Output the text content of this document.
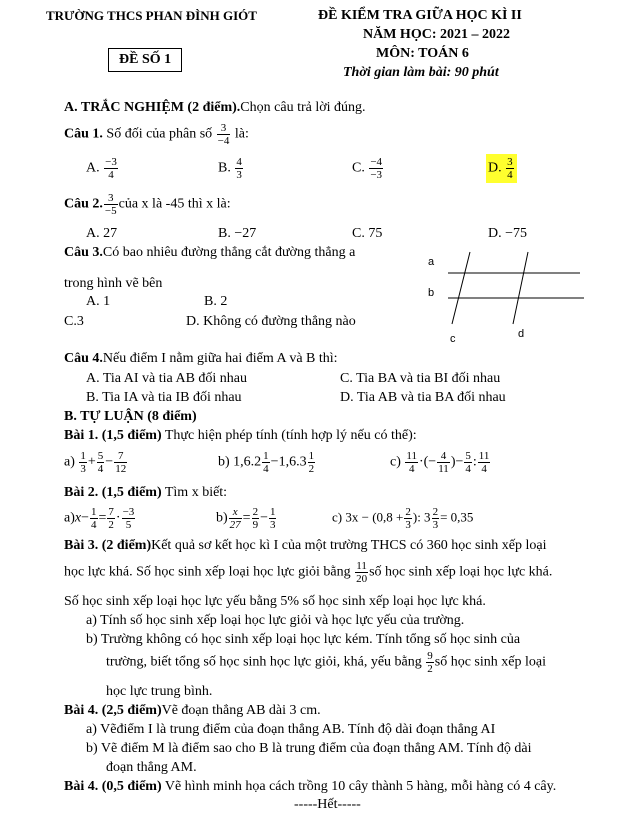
TRƯỜNG THCS PHAN ĐÌNH GIÓT
ĐỀ SỐ 1
ĐỀ KIỂM TRA GIỮA HỌC KÌ II
NĂM HỌC: 2021 – 2022
MÔN: TOÁN 6
Thời gian làm bài: 90 phút
A. TRẮC NGHIỆM (2 điểm).Chọn câu trả lời đúng.
Câu 1. Số đối của phân số $\frac{3}{-4}$ là:
A. $\frac{-3}{4}$	B. $\frac{4}{3}$	C. $\frac{-4}{-3}$	D. $\frac{3}{4}$
Câu 2. $\frac{3}{-5}$ của x là -45 thì x là:
A. 27	B. −27	C. 75	D. −75
Câu 3.Có bao nhiêu đường thẳng cắt đường thẳng a
trong hình vẽ bên
A. 1	B. 2
C.3	D. Không có đường thẳng nào
a
b
c	d
Câu 4.Nếu điểm I nằm giữa hai điểm A và B thì:
A. Tia AI và tia AB đối nhau	C. Tia BA và tia BI đối nhau
B. Tia IA và tia IB đối nhau	D. Tia AB và tia BA đối nhau
B. TỰ LUẬN (8 điểm)
Bài 1. (1,5 điểm) Thực hiện phép tính (tính hợp lý nếu có thể):
$a) \frac{1}{3} + \frac{5}{4} - \frac{7}{12}$	b) $1,6.2 \frac{1}{4} -1,6.3 \frac{1}{2}$	$c) \frac{11}{4}$ ·(− $\frac{4}{11}$ )− $\frac{5}{4}$ : $\frac{11}{4}$
Bài 2. (1,5 điểm) Tìm x biết:
$a)x- \frac{1}{4} = \frac{7}{2} \cdot \frac{-3}{5}$	$b) \frac{x}{27} = \frac{2}{9} - \frac{1}{3}$	c) $3x - (0,8 + \frac{2}{3}$ ): $3 \frac{2}{3} = 0,35$
Bài 3. (2 điểm)Kết quả sơ kết học kì I của một trường THCS có 360 học sinh xếp loại
học lực khá. Số học sinh xếp loại học lực giỏi bằng $\frac{11}{20}$ số học sinh xếp loại học lực khá.
Số học sinh xếp loại học lực yếu bằng 5% số học sinh xếp loại học lực khá.
a) Tính số học sinh xếp loại học lực giỏi và học lực yếu của trường.
b) Trường không có học sinh xếp loại học lực kém. Tính tổng số học sinh của
trường, biết tổng số học sinh học lực giỏi, khá, yếu bằng $\frac{9}{2}$ số học sinh xếp loại
học lực trung bình.
Bài 4. (2,5 điểm)Vẽ đoạn thẳng AB dài 3 cm.
a) Vẽđiểm I là trung điểm của đoạn thẳng AB. Tính độ dài đoạn thẳng AI
b) Vẽ điểm M là điểm sao cho B là trung điểm của đoạn thẳng AM. Tính độ dài
đoạn thẳng AM.
Bài 4. (0,5 điểm) Vẽ hình minh họa cách trồng 10 cây thành 5 hàng, mỗi hàng có 4 cây.
-----Hết-----
